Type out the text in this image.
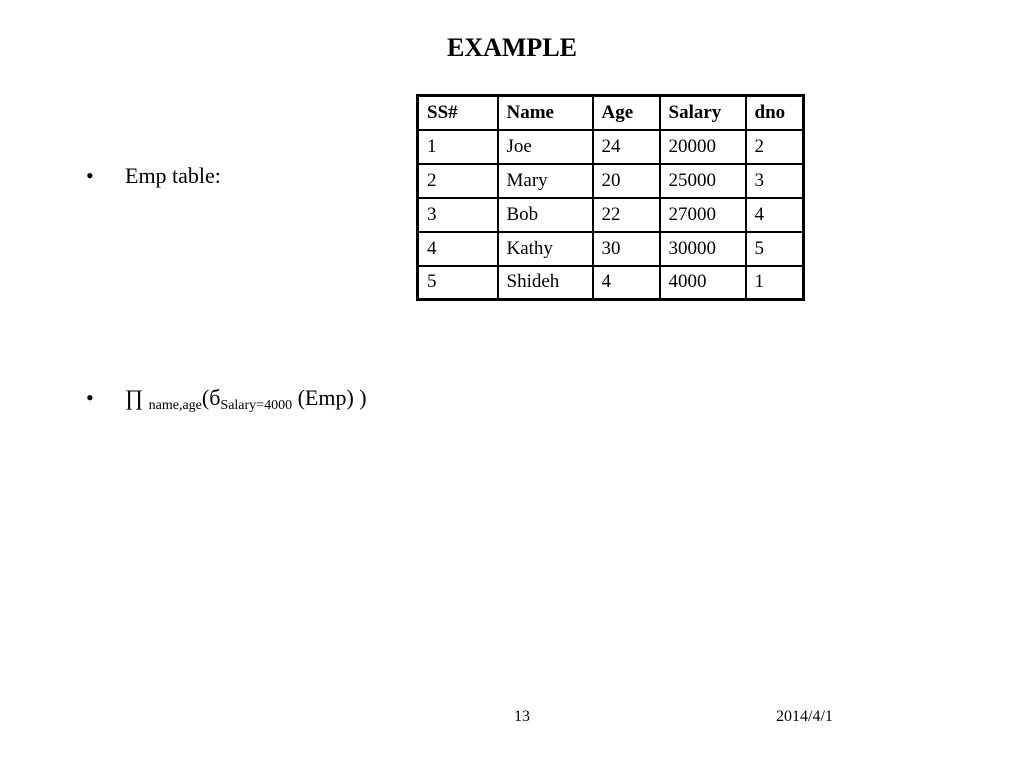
EXAMPLE
• Emp table:
SS#	Name	Age	Salary	dno
1	Joe	24	20000	2
2	Mary	20	25000	3
3	Bob	22	27000	4
4	Kathy	30	30000	5
5	Shideh	4	4000	1
• ∏ $_{name,age}(б_{Salary=4000}$ (Emp) )
13	2014/4/1
